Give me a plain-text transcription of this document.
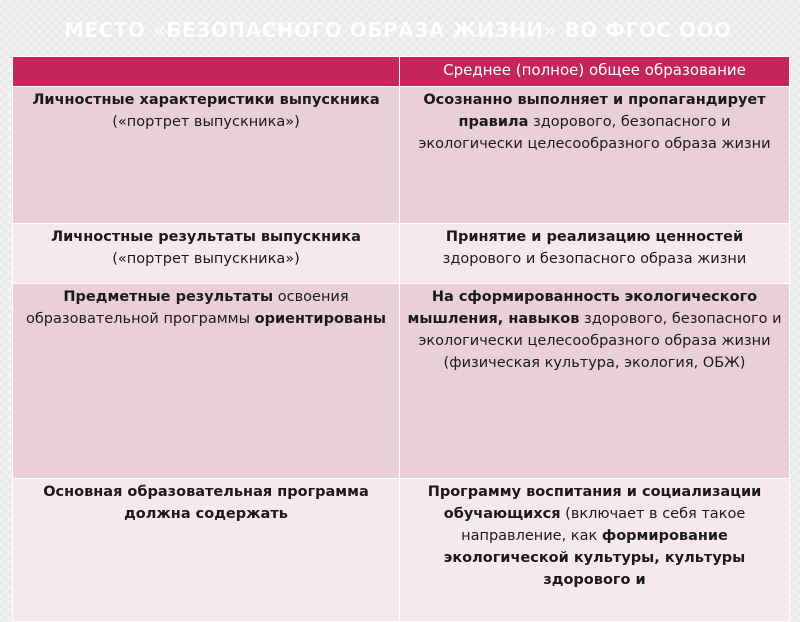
МЕСТО «БЕЗОПАСНОГО ОБРАЗА ЖИЗНИ» ВО ФГОС ООО
	Среднее (полное) общее образование
Личностные характеристики выпускника («портрет выпускника»)	Осознанно выполняет и пропагандирует правила здорового, безопасного и экологически целесообразного образа жизни
Личностные результаты выпускника («портрет выпускника»)	Принятие и реализацию ценностей здорового и безопасного образа жизни
Предметные результаты освоения образовательной программы ориентированы	На сформированность экологического мышления, навыков здорового, безопасного и экологически целесообразного образа жизни (физическая культура, экология, ОБЖ)
Основная образовательная программа должна содержать	Программу воспитания и социализации обучающихся (включает в себя такое направление, как формирование экологической культуры, культуры здорового и
